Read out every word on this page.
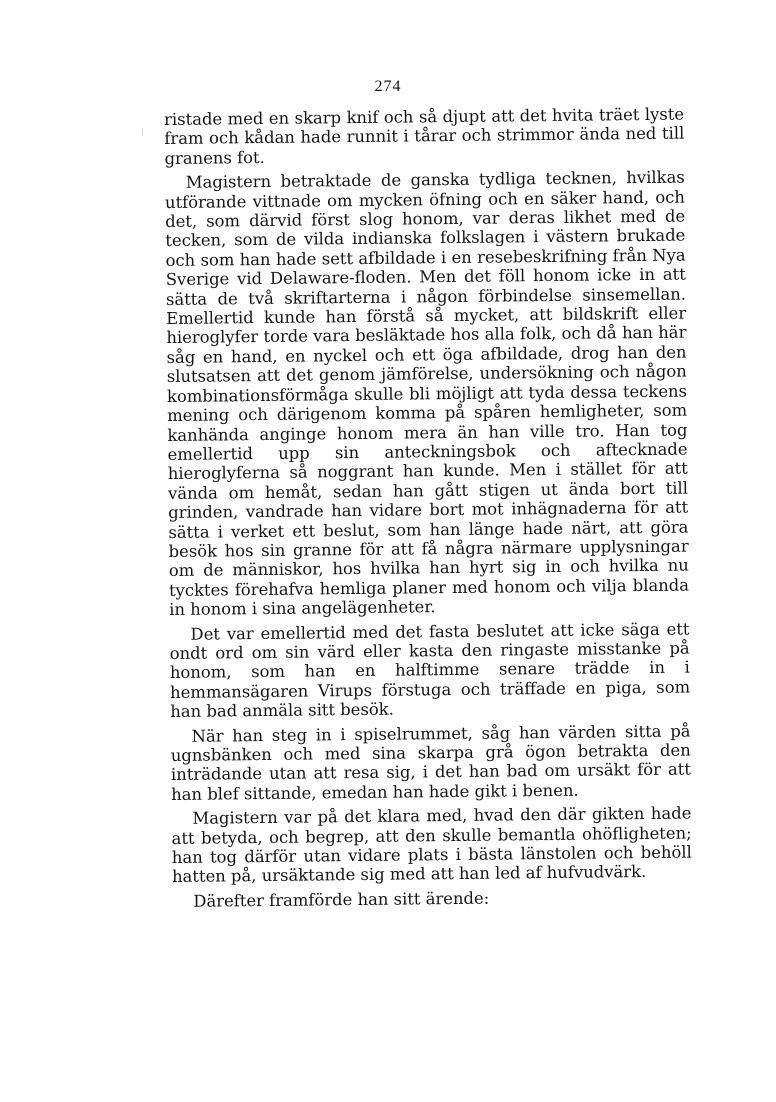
274

ristade med en skarp knif och så djupt att det hvita träet lyste fram och kådan hade runnit i tårar och strimmor ända ned till granens fot.

Magistern betraktade de ganska tydliga tecknen, hvilkas utförande vittnade om mycken öfning och en säker hand, och det, som därvid först slog honom, var deras likhet med de tecken, som de vilda indianska folkslagen i västern brukade och som han hade sett afbildade i en resebeskrifning från Nya Sverige vid Delaware-floden. Men det föll honom icke in att sätta de två skriftarterna i någon förbindelse sinsemellan. Emellertid kunde han förstå så mycket, att bildskrift eller hieroglyfer torde vara besläktade hos alla folk, och då han här såg en hand, en nyckel och ett öga afbildade, drog han den slutsatsen att det genom jämförelse, undersökning och någon kombinationsförmåga skulle bli möjligt att tyda dessa teckens mening och därigenom komma på spåren hemligheter, som kanhända anginge honom mera än han ville tro. Han tog emellertid upp sin anteckningsbok och aftecknade hieroglyferna så noggrant han kunde. Men i stället för att vända om hemåt, sedan han gått stigen ut ända bort till grinden, vandrade han vidare bort mot inhägnaderna för att sätta i verket ett beslut, som han länge hade närt, att göra besök hos sin granne för att få några närmare upplysningar om de människor, hos hvilka han hyrt sig in och hvilka nu tycktes förehafva hemliga planer med honom och vilja blanda in honom i sina angelägenheter.

Det var emellertid med det fasta beslutet att icke säga ett ondt ord om sin värd eller kasta den ringaste misstanke på honom, som han en halftimme senare trädde in i hemmansägaren Virups förstuga och träffade en piga, som han bad anmäla sitt besök.

När han steg in i spiselrummet, såg han värden sitta på ugnsbänken och med sina skarpa grå ögon betrakta den inträdande utan att resa sig, i det han bad om ursäkt för att han blef sittande, emedan han hade gikt i benen.

Magistern var på det klara med, hvad den där gikten hade att betyda, och begrep, att den skulle bemantla ohöfligheten; han tog därför utan vidare plats i bästa länstolen och behöll hatten på, ursäktande sig med att han led af hufvudvärk.

Därefter framförde han sitt ärende:
